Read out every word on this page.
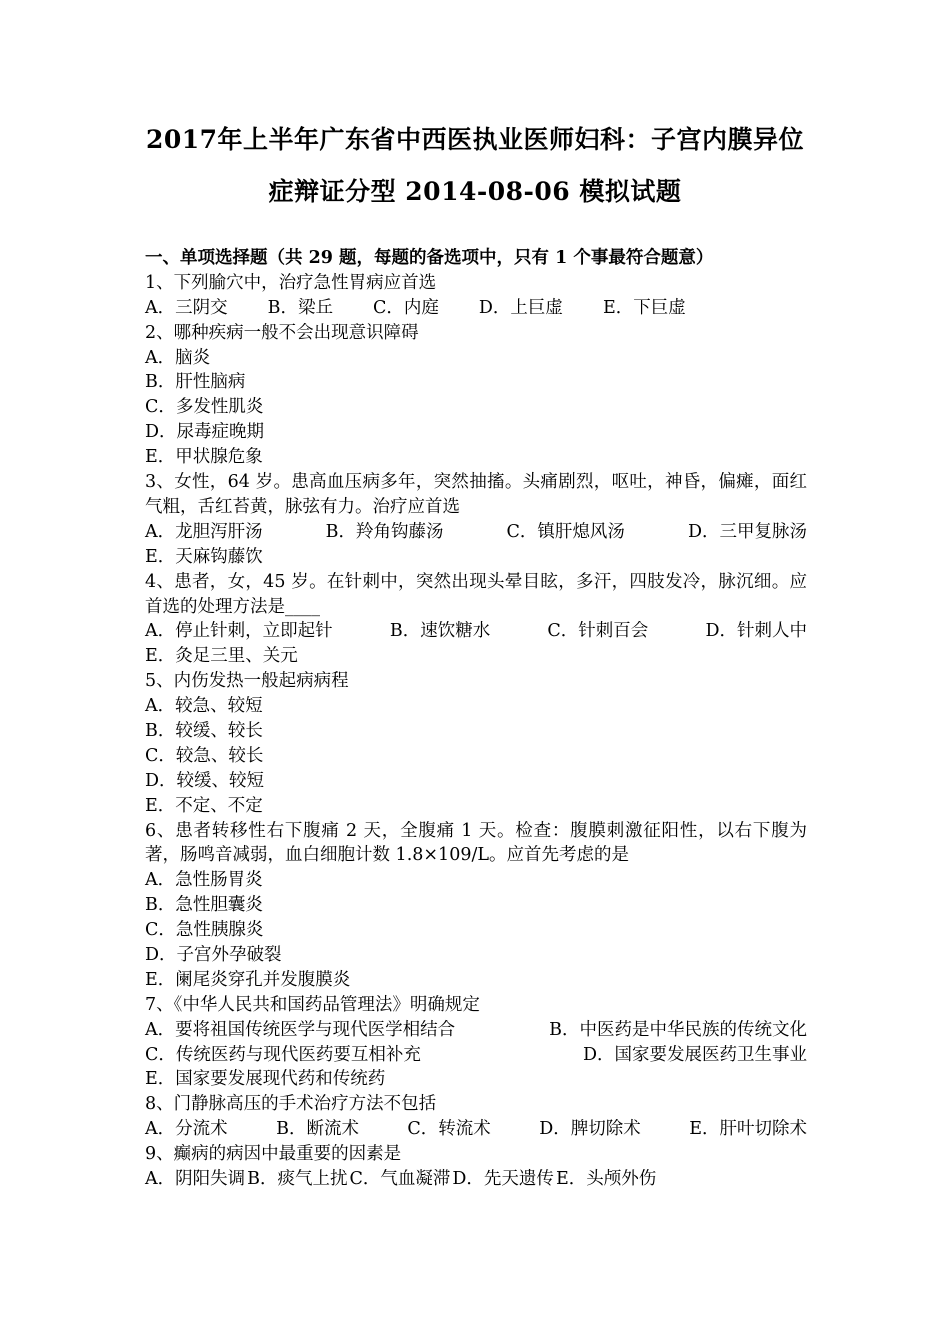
2017年上半年广东省中西医执业医师妇科：子宫内膜异位
症辩证分型 2014-08-06 模拟试题
一、单项选择题（共 29 题，每题的备选项中，只有 1 个事最符合题意）
1、下列腧穴中，治疗急性胃病应首选
A．三阴交 B．梁丘 C．内庭 D．上巨虚 E．下巨虚
2、哪种疾病一般不会出现意识障碍
A．脑炎
B．肝性脑病
C．多发性肌炎
D．尿毒症晚期
E．甲状腺危象
3、女性，64 岁。患高血压病多年，突然抽搐。头痛剧烈，呕吐，神昏，偏瘫，面红气粗，舌红苔黄，脉弦有力。治疗应首选
A．龙胆泻肝汤	B．羚角钩藤汤	C．镇肝熄风汤	D．三甲复脉汤
E．天麻钩藤饮
4、患者，女，45 岁。在针刺中，突然出现头晕目眩，多汗，四肢发冷，脉沉细。应首选的处理方法是____
A．停止针刺，立即起针	B．速饮糖水	C．针刺百会	D．针刺人中
E．灸足三里、关元
5、内伤发热一般起病病程
A．较急、较短
B．较缓、较长
C．较急、较长
D．较缓、较短
E．不定、不定
6、患者转移性右下腹痛 2 天，全腹痛 1 天。检查：腹膜刺激征阳性，以右下腹为著，肠鸣音减弱，血白细胞计数 1.8×109/L。应首先考虑的是
A．急性肠胃炎
B．急性胆囊炎
C．急性胰腺炎
D．子宫外孕破裂
E．阑尾炎穿孔并发腹膜炎
7、《中华人民共和国药品管理法》明确规定
A．要将祖国传统医学与现代医学相结合	B．中医药是中华民族的传统文化
C．传统医药与现代医药要互相补充	D．国家要发展医药卫生事业
E．国家要发展现代药和传统药
8、门静脉高压的手术治疗方法不包括
A．分流术	B．断流术	C．转流术	D．脾切除术	E．肝叶切除术
9、癫病的病因中最重要的因素是
A．阴阳失调 B．痰气上扰 C．气血凝滞 D．先天遗传 E．头颅外伤
